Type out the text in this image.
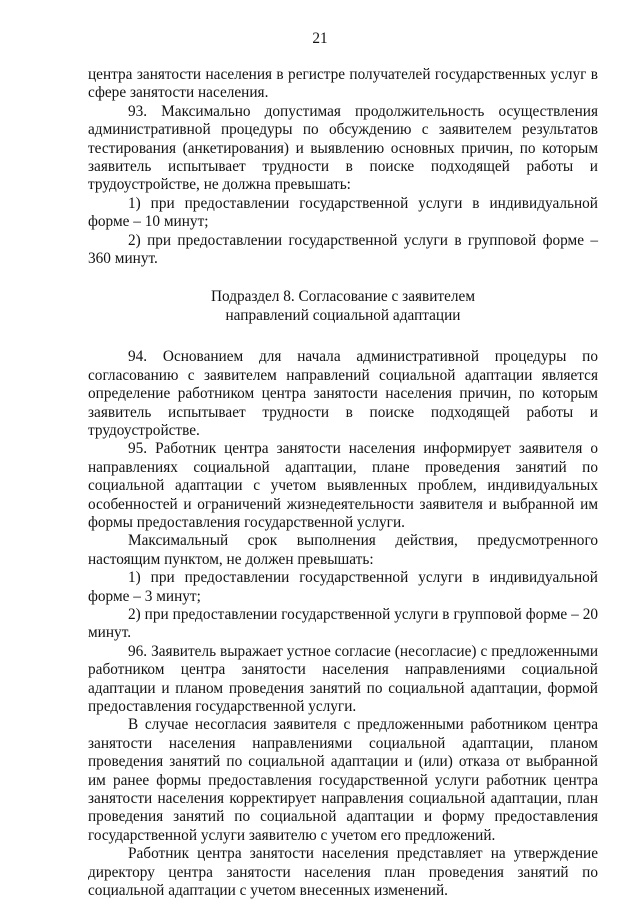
21

центра занятости населения в регистре получателей государственных услуг в сфере занятости населения.

93. Максимально допустимая продолжительность осуществления административной процедуры по обсуждению с заявителем результатов тестирования (анкетирования) и выявлению основных причин, по которым заявитель испытывает трудности в поиске подходящей работы и трудоустройстве, не должна превышать:

1) при предоставлении государственной услуги в индивидуальной форме – 10 минут;

2) при предоставлении государственной услуги в групповой форме – 360 минут.

Подраздел 8. Согласование с заявителем
направлений социальной адаптации

94. Основанием для начала административной процедуры по согласованию с заявителем направлений социальной адаптации является определение работником центра занятости населения причин, по которым заявитель испытывает трудности в поиске подходящей работы и трудоустройстве.

95. Работник центра занятости населения информирует заявителя о направлениях социальной адаптации, плане проведения занятий по социальной адаптации с учетом выявленных проблем, индивидуальных особенностей и ограничений жизнедеятельности заявителя и выбранной им формы предоставления государственной услуги.

Максимальный срок выполнения действия, предусмотренного настоящим пунктом, не должен превышать:

1) при предоставлении государственной услуги в индивидуальной форме – 3 минут;

2) при предоставлении государственной услуги в групповой форме – 20 минут.

96. Заявитель выражает устное согласие (несогласие) с предложенными работником центра занятости населения направлениями социальной адаптации и планом проведения занятий по социальной адаптации, формой предоставления государственной услуги.

В случае несогласия заявителя с предложенными работником центра занятости населения направлениями социальной адаптации, планом проведения занятий по социальной адаптации и (или) отказа от выбранной им ранее формы предоставления государственной услуги работник центра занятости населения корректирует направления социальной адаптации, план проведения занятий по социальной адаптации и форму предоставления государственной услуги заявителю с учетом его предложений.

Работник центра занятости населения представляет на утверждение директору центра занятости населения план проведения занятий по социальной адаптации с учетом внесенных изменений.
